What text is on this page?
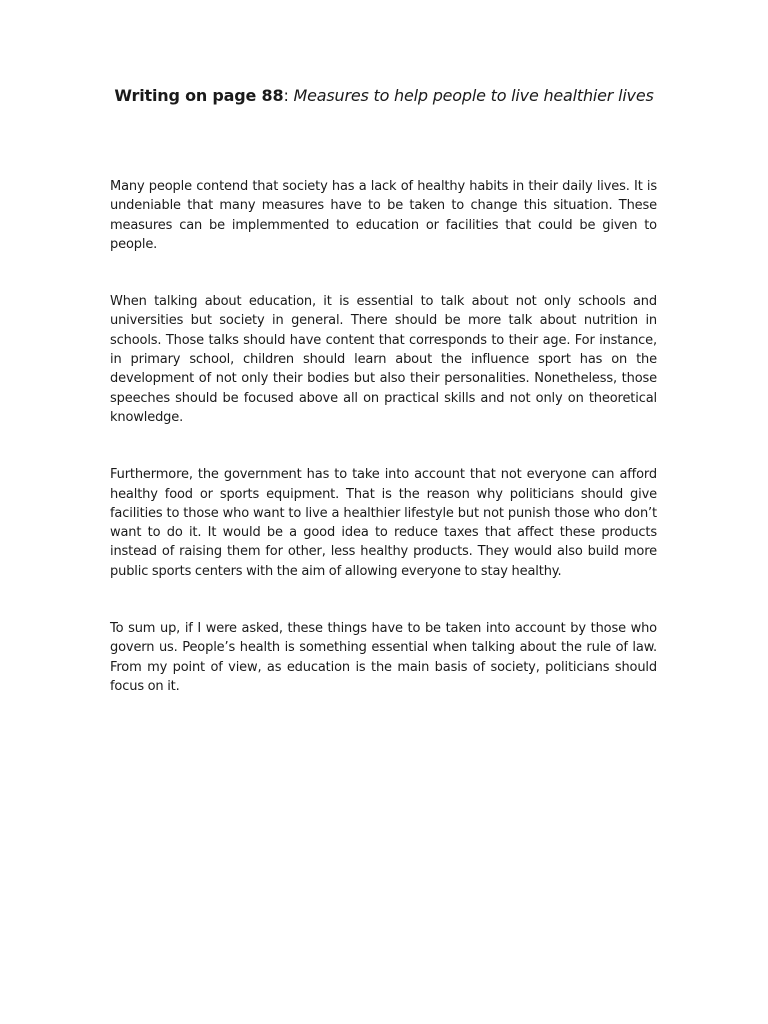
Writing on page 88: Measures to help people to live healthier lives

Many people contend that society has a lack of healthy habits in their daily lives. It is undeniable that many measures have to be taken to change this situation. These measures can be implemmented to education or facilities that could be given to people.

When talking about education, it is essential to talk about not only schools and universities but society in general. There should be more talk about nutrition in schools. Those talks should have content that corresponds to their age. For instance, in primary school, children should learn about the influence sport has on the development of not only their bodies but also their personalities. Nonetheless, those speeches should be focused above all on practical skills and not only on theoretical knowledge.

Furthermore, the government has to take into account that not everyone can afford healthy food or sports equipment. That is the reason why politicians should give facilities to those who want to live a healthier lifestyle but not punish those who don’t want to do it. It would be a good idea to reduce taxes that affect these products instead of raising them for other, less healthy products. They would also build more public sports centers with the aim of allowing everyone to stay healthy.

To sum up, if I were asked, these things have to be taken into account by those who govern us. People’s health is something essential when talking about the rule of law. From my point of view, as education is the main basis of society, politicians should focus on it.
